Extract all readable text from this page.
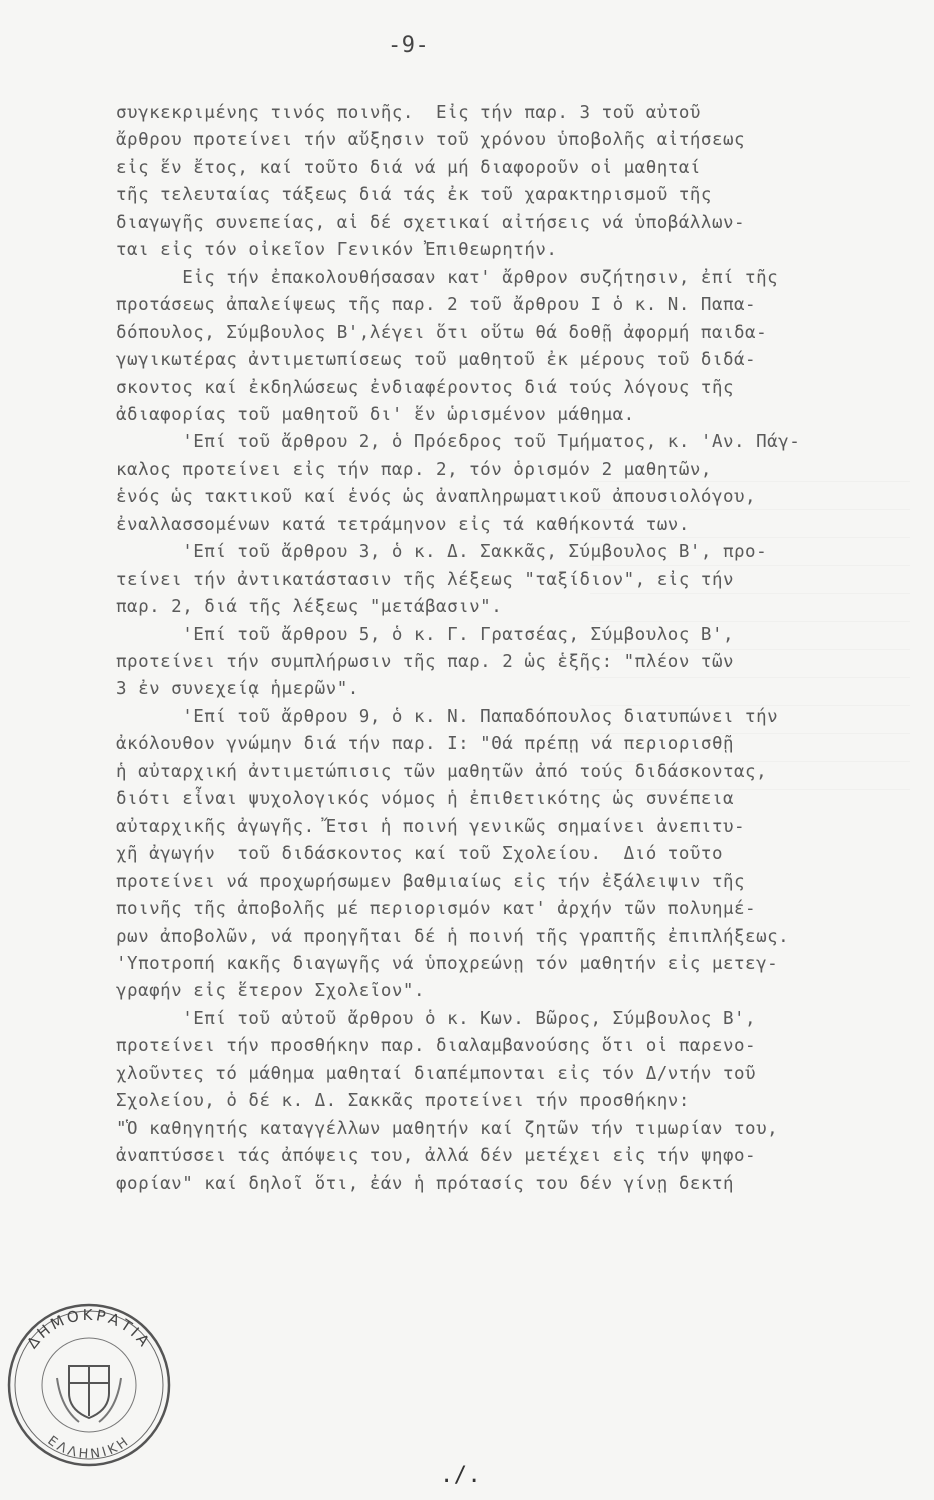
-9-
συγκεκριμένης τινός ποινῆς.  Εἰς τήν παρ. 3 τοῦ αὐτοῦ
ἄρθρου προτείνει τήν αὔξησιν τοῦ χρόνου ὑποβολῆς αἰτήσεως
εἰς ἕν ἔτος, καί τοῦτο διά νά μή διαφοροῦν οἱ μαθηταί
τῆς τελευταίας τάξεως διά τάς ἐκ τοῦ χαρακτηρισμοῦ τῆς
διαγωγῆς συνεπείας, αἱ δέ σχετικαί αἰτήσεις νά ὑποβάλλων-
ται εἰς τόν οἰκεῖον Γενικόν Ἐπιθεωρητήν.
Εἰς τήν ἐπακολουθήσασαν κατ' ἄρθρον συζήτησιν, ἐπί τῆς
προτάσεως ἀπαλείψεως τῆς παρ. 2 τοῦ ἄρθρου Ι ὁ κ. Ν. Παπα-
δόπουλος, Σύμβουλος Β',λέγει ὅτι οὕτω θά δοθῇ ἀφορμή παιδα-
γωγικωτέρας ἀντιμετωπίσεως τοῦ μαθητοῦ ἐκ μέρους τοῦ διδά-
σκοντος καί ἐκδηλώσεως ἐνδιαφέροντος διά τούς λόγους τῆς
ἀδιαφορίας τοῦ μαθητοῦ δι' ἕν ὡρισμένον μάθημα.
'Επί τοῦ ἄρθρου 2, ὁ Πρόεδρος τοῦ Τμήματος, κ. 'Αν. Πάγ-
καλος προτείνει εἰς τήν παρ. 2, τόν ὁρισμόν 2 μαθητῶν,
ἑνός ὡς τακτικοῦ καί ἑνός ὡς ἀναπληρωματικοῦ ἀπουσιολόγου,
ἐναλλασσομένων κατά τετράμηνον εἰς τά καθήκοντά των.
'Επί τοῦ ἄρθρου 3, ὁ κ. Δ. Σακκᾶς, Σύμβουλος Β', προ-
τείνει τήν ἀντικατάστασιν τῆς λέξεως "ταξίδιον", εἰς τήν
παρ. 2, διά τῆς λέξεως "μετάβασιν".
'Επί τοῦ ἄρθρου 5, ὁ κ. Γ. Γρατσέας, Σύμβουλος Β',
προτείνει τήν συμπλήρωσιν τῆς παρ. 2 ὡς ἑξῆς: "πλέον τῶν
3 ἐν συνεχείᾳ ἡμερῶν".
'Επί τοῦ ἄρθρου 9, ὁ κ. Ν. Παπαδόπουλος διατυπώνει τήν
ἀκόλουθον γνώμην διά τήν παρ. Ι: "Θά πρέπῃ νά περιορισθῇ
ἡ αὐταρχική ἀντιμετώπισις τῶν μαθητῶν ἀπό τούς διδάσκοντας,
διότι εἶναι ψυχολογικός νόμος ἡ ἐπιθετικότης ὡς συνέπεια
αὐταρχικῆς ἀγωγῆς. Ἔτσι ἡ ποινή γενικῶς σημαίνει ἀνεπιτυ-
χῆ ἀγωγήν  τοῦ διδάσκοντος καί τοῦ Σχολείου.  Διό τοῦτο
προτείνει νά προχωρήσωμεν βαθμιαίως εἰς τήν ἐξάλειψιν τῆς
ποινῆς τῆς ἀποβολῆς μέ περιορισμόν κατ' ἀρχήν τῶν πολυημέ-
ρων ἀποβολῶν, νά προηγῆται δέ ἡ ποινή τῆς γραπτῆς ἐπιπλήξεως.
'Υποτροπή κακῆς διαγωγῆς νά ὑποχρεώνῃ τόν μαθητήν εἰς μετεγ-
γραφήν εἰς ἕτερον Σχολεῖον".
'Επί τοῦ αὐτοῦ ἄρθρου ὁ κ. Κων. Βῶρος, Σύμβουλος Β',
προτείνει τήν προσθήκην παρ. διαλαμβανούσης ὅτι οἱ παρενο-
χλοῦντες τό μάθημα μαθηταί διαπέμπονται εἰς τόν Δ/ντήν τοῦ
Σχολείου, ὁ δέ κ. Δ. Σακκᾶς προτείνει τήν προσθήκην:
"Ὁ καθηγητής καταγγέλλων μαθητήν καί ζητῶν τήν τιμωρίαν του,
ἀναπτύσσει τάς ἀπόψεις του, ἀλλά δέν μετέχει εἰς τήν ψηφο-
φορίαν" καί δηλοῖ ὅτι, ἐάν ἡ πρότασίς του δέν γίνῃ δεκτή
./.
ΔΗΜΟΚΡΑΤΙΑ
ΕΛΛΗΝΙΚΗ
